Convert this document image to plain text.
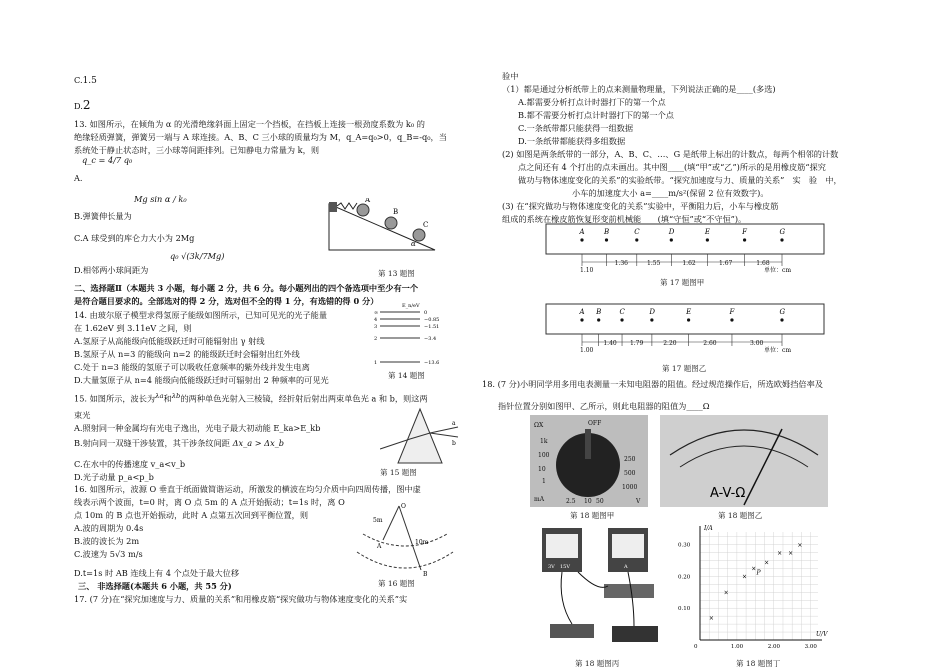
C.1.5
D.2
13. 如图所示，在倾角为 α 的光滑绝缘斜面上固定一个挡板，在挡板上连接一根劲度系数为 k₀ 的
绝缘轻质弹簧，弹簧另一端与 A 球连接。A、B、C 三小球的质量均为 M，q_A=q₀>0，q_B=-q₀，当
系统处于静止状态时，三小球等间距排列。已知静电力常量为 k，则
A.
q_c = 4/7 q₀
B.弹簧伸长量为
Mg sin α / k₀
C.A 球受到的库仑力大小为 2Mg
D.相邻两小球间距为
q₀ √(3k/7Mg)
二、选择题Ⅱ（本题共 3 小题，每小题 2 分，共 6 分。每小题列出的四个备选项中至少有一个
是符合题目要求的。全部选对的得 2 分，选对但不全的得 1 分，有选错的得 0 分）
14. 由玻尔原子模型求得氢原子能级如图所示，已知可见光的光子能量
在 1.62eV 到 3.11eV 之间，则
A.氢原子从高能级向低能级跃迁时可能辐射出 γ 射线
B.氢原子从 n=3 的能级向 n=2 的能级跃迁时会辐射出红外线
C.处于 n=3 能级的氢原子可以吸收任意频率的紫外线并发生电离
D.大量氢原子从 n=4 能级向低能级跃迁时可辐射出 2 种频率的可见光
15. 如图所示，波长为$^{\lambda a}$和$^{\lambda b}$的两种单色光射入三棱镜，经折射后射出两束单色光 a 和 b，则这两
束光
A.照射同一种金属均有光电子逸出，光电子最大初动能 E_ka>E_kb
B.射向同一双缝干涉装置，其干涉条纹间距 Δx_a > Δx_b
C.在水中的传播速度 v_a<v_b
D.光子动量 p_a<p_b
16. 如图所示，波源 O 垂直于纸面做简谐运动，所激发的横波在均匀介质中向四周传播，图中虚
线表示两个波面，t=0 时，离 O 点 5m 的 A 点开始振动；t=1s 时，离 O
点 10m 的 B 点也开始振动，此时 A 点第五次回到平衡位置，则
A.波的周期为 0.4s
B.波的波长为 2m
C.波速为 5√3 m/s
D.t=1s 时 AB 连线上有 4 个点处于最大位移
三、 非选择题(本题共 6 小题，共 55 分)
17. (7 分)在“探究加速度与力、质量的关系”和用橡皮筋“探究做功与物体速度变化的关系”实
A
B
C
α
第 13 题图
E_n/eV
∞	0
4	−0.85
3	−1.51
2	−3.4
1	−13.6
第 14 题图
a
b
第 15 题图
O
5m
10m
A
B
第 16 题图
验中
（1）都是通过分析纸带上的点来测量物理量，下列说法正确的是____(多选)
A.都需要分析打点计时器打下的第一个点
B.都不需要分析打点计时器打下的第一个点
C.一条纸带都只能获得一组数据
D.一条纸带都能获得多组数据
(2) 如图是两条纸带的一部分，A、B、C、…、G 是纸带上标出的计数点，每两个相邻的计数
点之间还有 4 个打出的点未画出。其中图____(填“甲”或“乙”)所示的是用橡皮筋“探究
做功与物体速度变化的关系”的实验纸带。“探究加速度与力、质量的关系”　实　验　中，
小车的加速度大小 a=____m/s²(保留 2 位有效数字)。
(3) 在“探究做功与物体速度变化的关系”实验中，平衡阻力后，小车与橡皮筋
组成的系统在橡皮筋恢复形变前机械能____(填“守恒”或“不守恒”)。
18. (7 分)小明同学用多用电表测量一未知电阻器的阻值。经过规范操作后，所选欧姆挡倍率及
指针位置分别如图甲、乙所示，则此电阻器的阻值为____Ω
A	B	C	D	E	F	G
1.10
1.36	1.55	1.62	1.67	1.68
单位：cm
第 17 题图甲
A B	C	D	E	F	G
1.00
1.40 1.79	2.20	2.60	3.00
单位：cm
第 17 题图乙
ΩX
1k
100
10
1
OFF
mA	2.5 10 50
250
500
1000
V
第 18 题图甲
A-V-Ω
第 18 题图乙
3V 15V	A
第 18 题图丙
I/A
U/V
0.10
0.20
0.30
0	1.00	2.00	3.00
×
×
×
×
×
× ×
×
P
第 18 题图丁
